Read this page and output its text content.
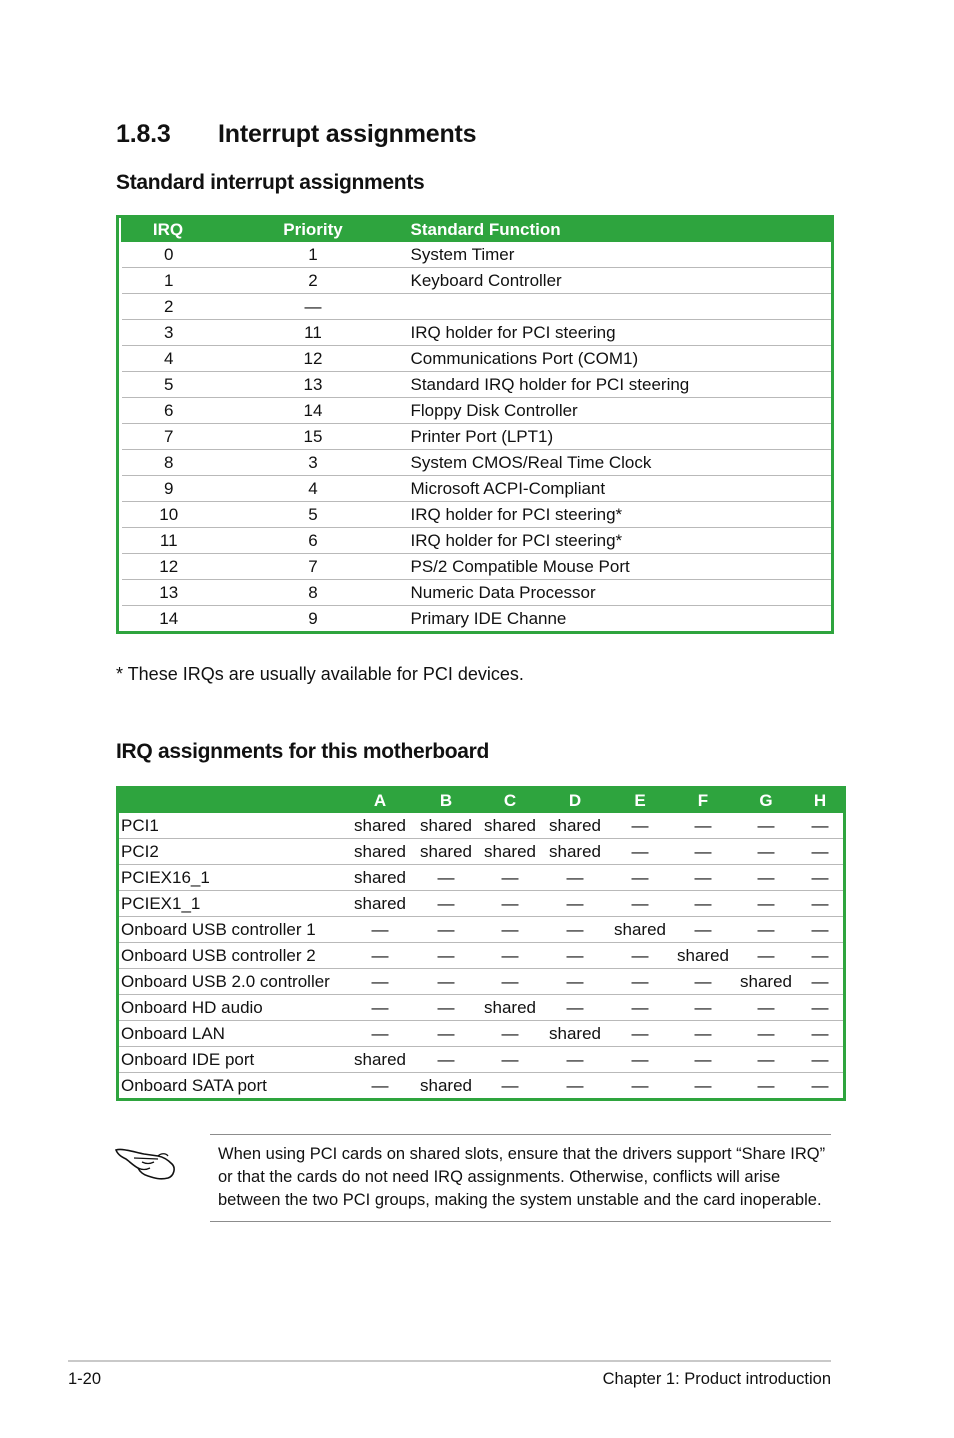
1.8.3 Interrupt assignments
Standard interrupt assignments
IRQ	Priority	Standard Function
0	1	System Timer
1	2	Keyboard Controller
2	—	
3	11	IRQ holder for PCI steering
4	12	Communications Port (COM1)
5	13	Standard IRQ holder for PCI steering
6	14	Floppy Disk Controller
7	15	Printer Port (LPT1)
8	3	System CMOS/Real Time Clock
9	4	Microsoft ACPI-Compliant
10	5	IRQ holder for PCI steering*
11	6	IRQ holder for PCI steering*
12	7	PS/2 Compatible Mouse Port
13	8	Numeric Data Processor
14	9	Primary IDE Channe

* These IRQs are usually available for PCI devices.

IRQ assignments for this motherboard
	A	B	C	D	E	F	G	H
PCI1	shared	shared	shared	shared	—	—	—	—
PCI2	shared	shared	shared	shared	—	—	—	—
PCIEX16_1	shared	—	—	—	—	—	—	—
PCIEX1_1	shared	—	—	—	—	—	—	—
Onboard USB controller 1	—	—	—	—	shared	—	—	—
Onboard USB controller 2	—	—	—	—	—	shared	—	—
Onboard USB 2.0 controller	—	—	—	—	—	—	shared	—
Onboard HD audio	—	—	shared	—	—	—	—	—
Onboard LAN	—	—	—	shared	—	—	—	—
Onboard IDE port	shared	—	—	—	—	—	—	—
Onboard SATA port	—	shared	—	—	—	—	—	—
When using PCI cards on shared slots, ensure that the drivers support “Share IRQ” or that the cards do not need IRQ assignments. Otherwise, conflicts will arise between the two PCI groups, making the system unstable and the card inoperable.

1-20	Chapter 1: Product introduction
